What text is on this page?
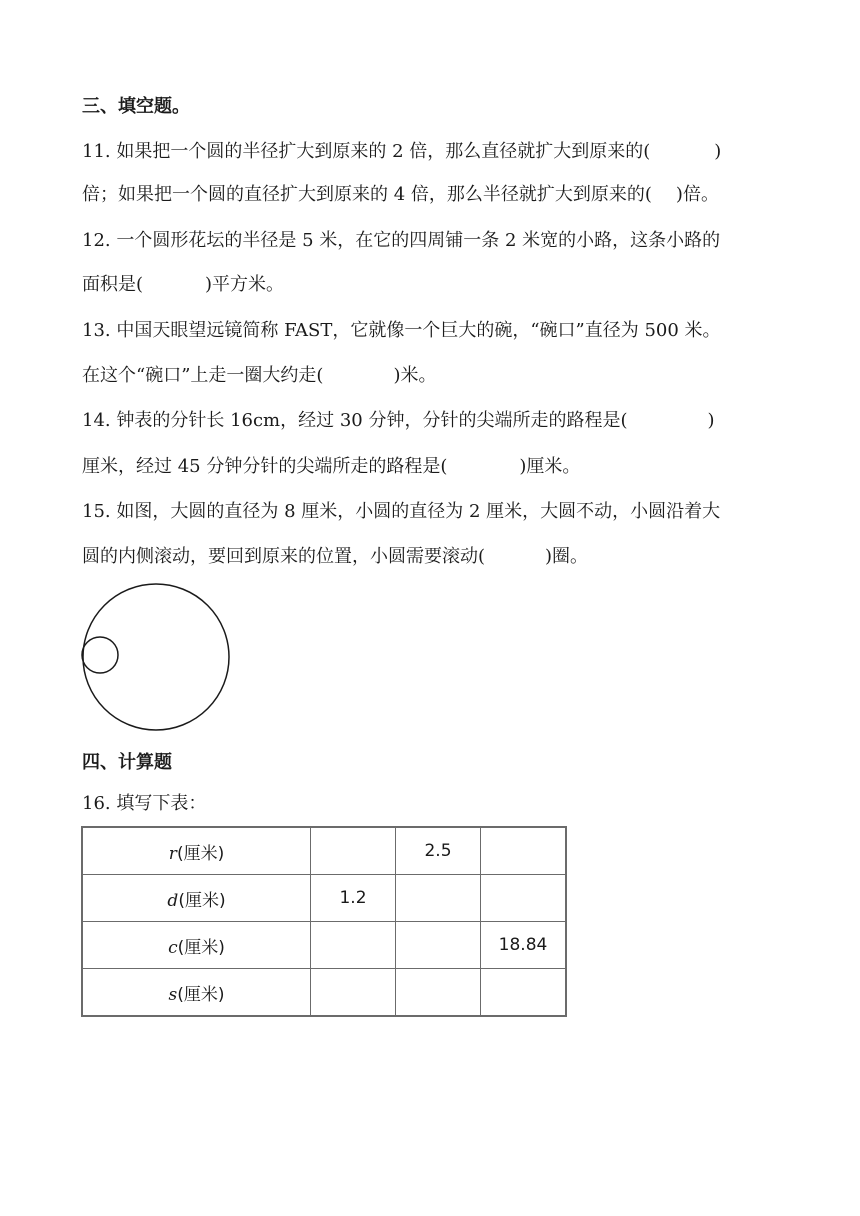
三、填空题。
11. 如果把一个圆的半径扩大到原来的 2 倍，那么直径就扩大到原来的(	)
倍；如果把一个圆的直径扩大到原来的 4 倍，那么半径就扩大到原来的( )倍。
12. 一个圆形花坛的半径是 5 米，在它的四周铺一条 2 米宽的小路，这条小路的
面积是(	)平方米。
13. 中国天眼望远镜简称 FAST，它就像一个巨大的碗，“碗口”直径为 500 米。
在这个“碗口”上走一圈大约走(	)米。
14. 钟表的分针长 16cm，经过 30 分钟，分针的尖端所走的路程是(	)
厘米，经过 45 分钟分针的尖端所走的路程是(	)厘米。
15. 如图，大圆的直径为 8 厘米，小圆的直径为 2 厘米，大圆不动，小圆沿着大
圆的内侧滚动，要回到原来的位置，小圆需要滚动(	)圈。
四、计算题
16. 填写下表：
r(厘米)		2.5	
d(厘米)	1.2		
c(厘米)			18.84
s(厘米)			
